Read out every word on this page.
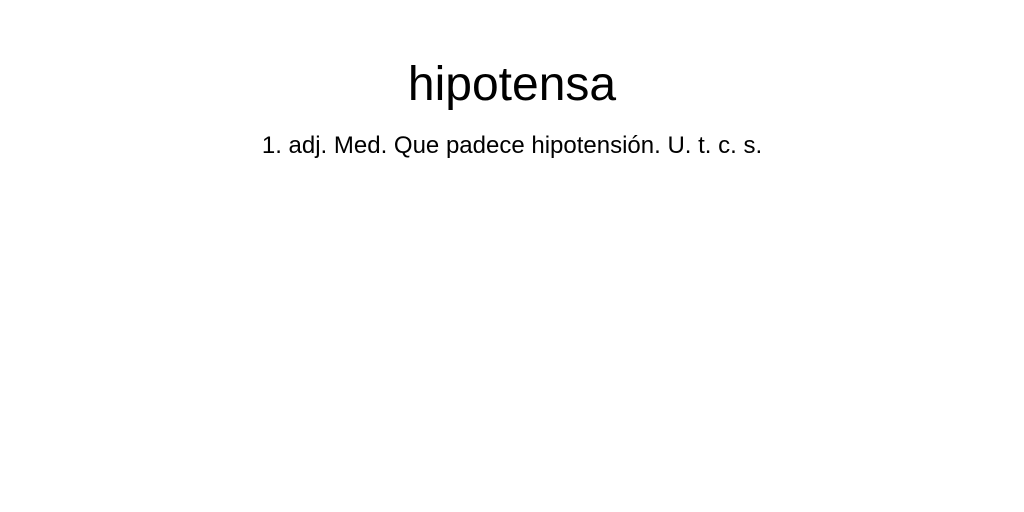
hipotensa

1. adj. Med. Que padece hipotensión. U. t. c. s.
